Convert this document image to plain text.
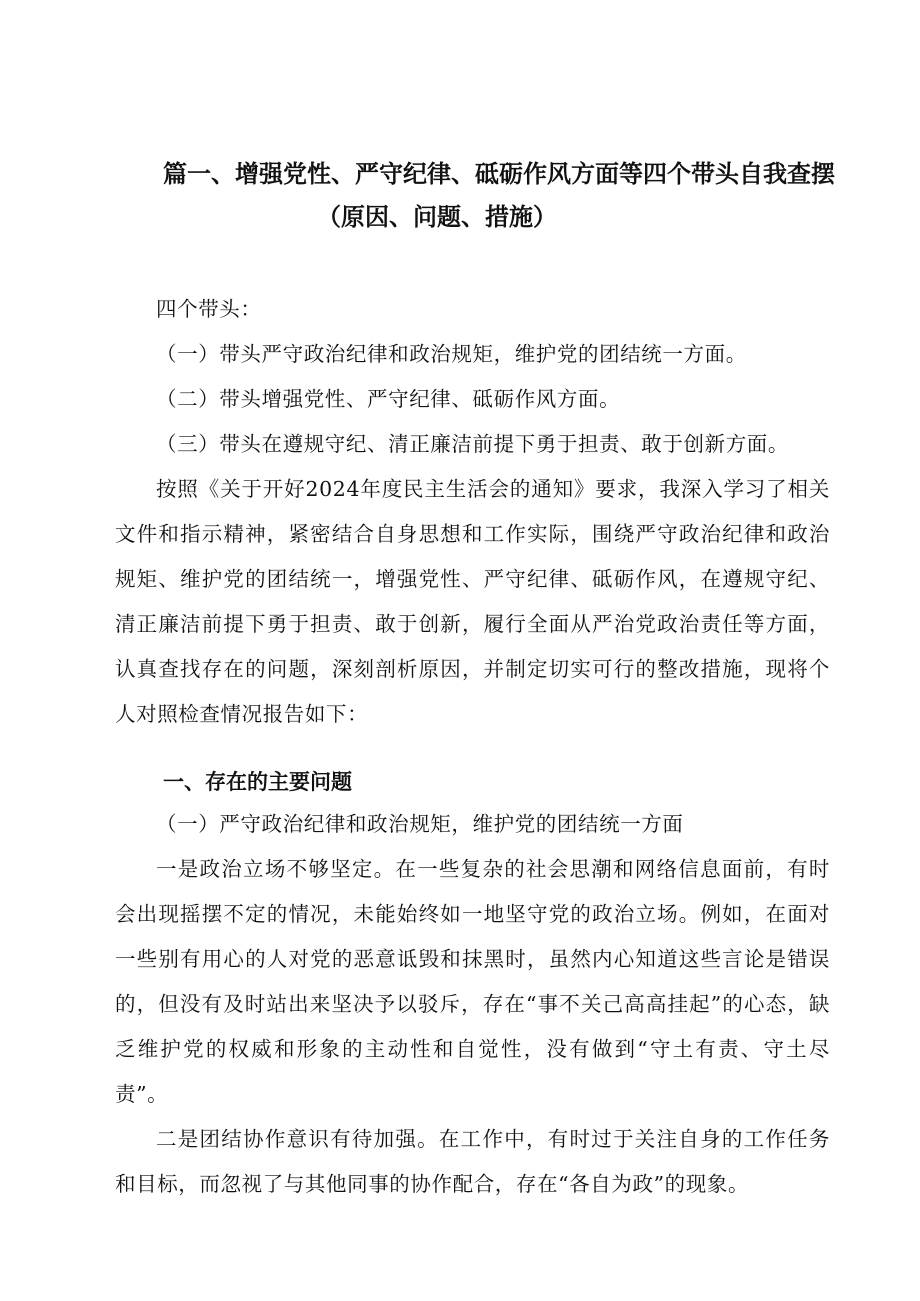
篇一、增强党性、严守纪律、砥砺作风方面等四个带头自我查摆
（原因、问题、措施）

四个带头：

（一）带头严守政治纪律和政治规矩，维护党的团结统一方面。

（二）带头增强党性、严守纪律、砥砺作风方面。

（三）带头在遵规守纪、清正廉洁前提下勇于担责、敢于创新方面。

按照《关于开好2024年度民主生活会的通知》要求，我深入学习了相关文件和指示精神，紧密结合自身思想和工作实际，围绕严守政治纪律和政治规矩、维护党的团结统一，增强党性、严守纪律、砥砺作风，在遵规守纪、清正廉洁前提下勇于担责、敢于创新，履行全面从严治党政治责任等方面，认真查找存在的问题，深刻剖析原因，并制定切实可行的整改措施，现将个人对照检查情况报告如下：

一、存在的主要问题

（一）严守政治纪律和政治规矩，维护党的团结统一方面

一是政治立场不够坚定。在一些复杂的社会思潮和网络信息面前，有时会出现摇摆不定的情况，未能始终如一地坚守党的政治立场。例如，在面对一些别有用心的人对党的恶意诋毁和抹黑时，虽然内心知道这些言论是错误的，但没有及时站出来坚决予以驳斥，存在“事不关己高高挂起”的心态，缺乏维护党的权威和形象的主动性和自觉性，没有做到“守土有责、守土尽责”。

二是团结协作意识有待加强。在工作中，有时过于关注自身的工作任务和目标，而忽视了与其他同事的协作配合，存在“各自为政”的现象。
